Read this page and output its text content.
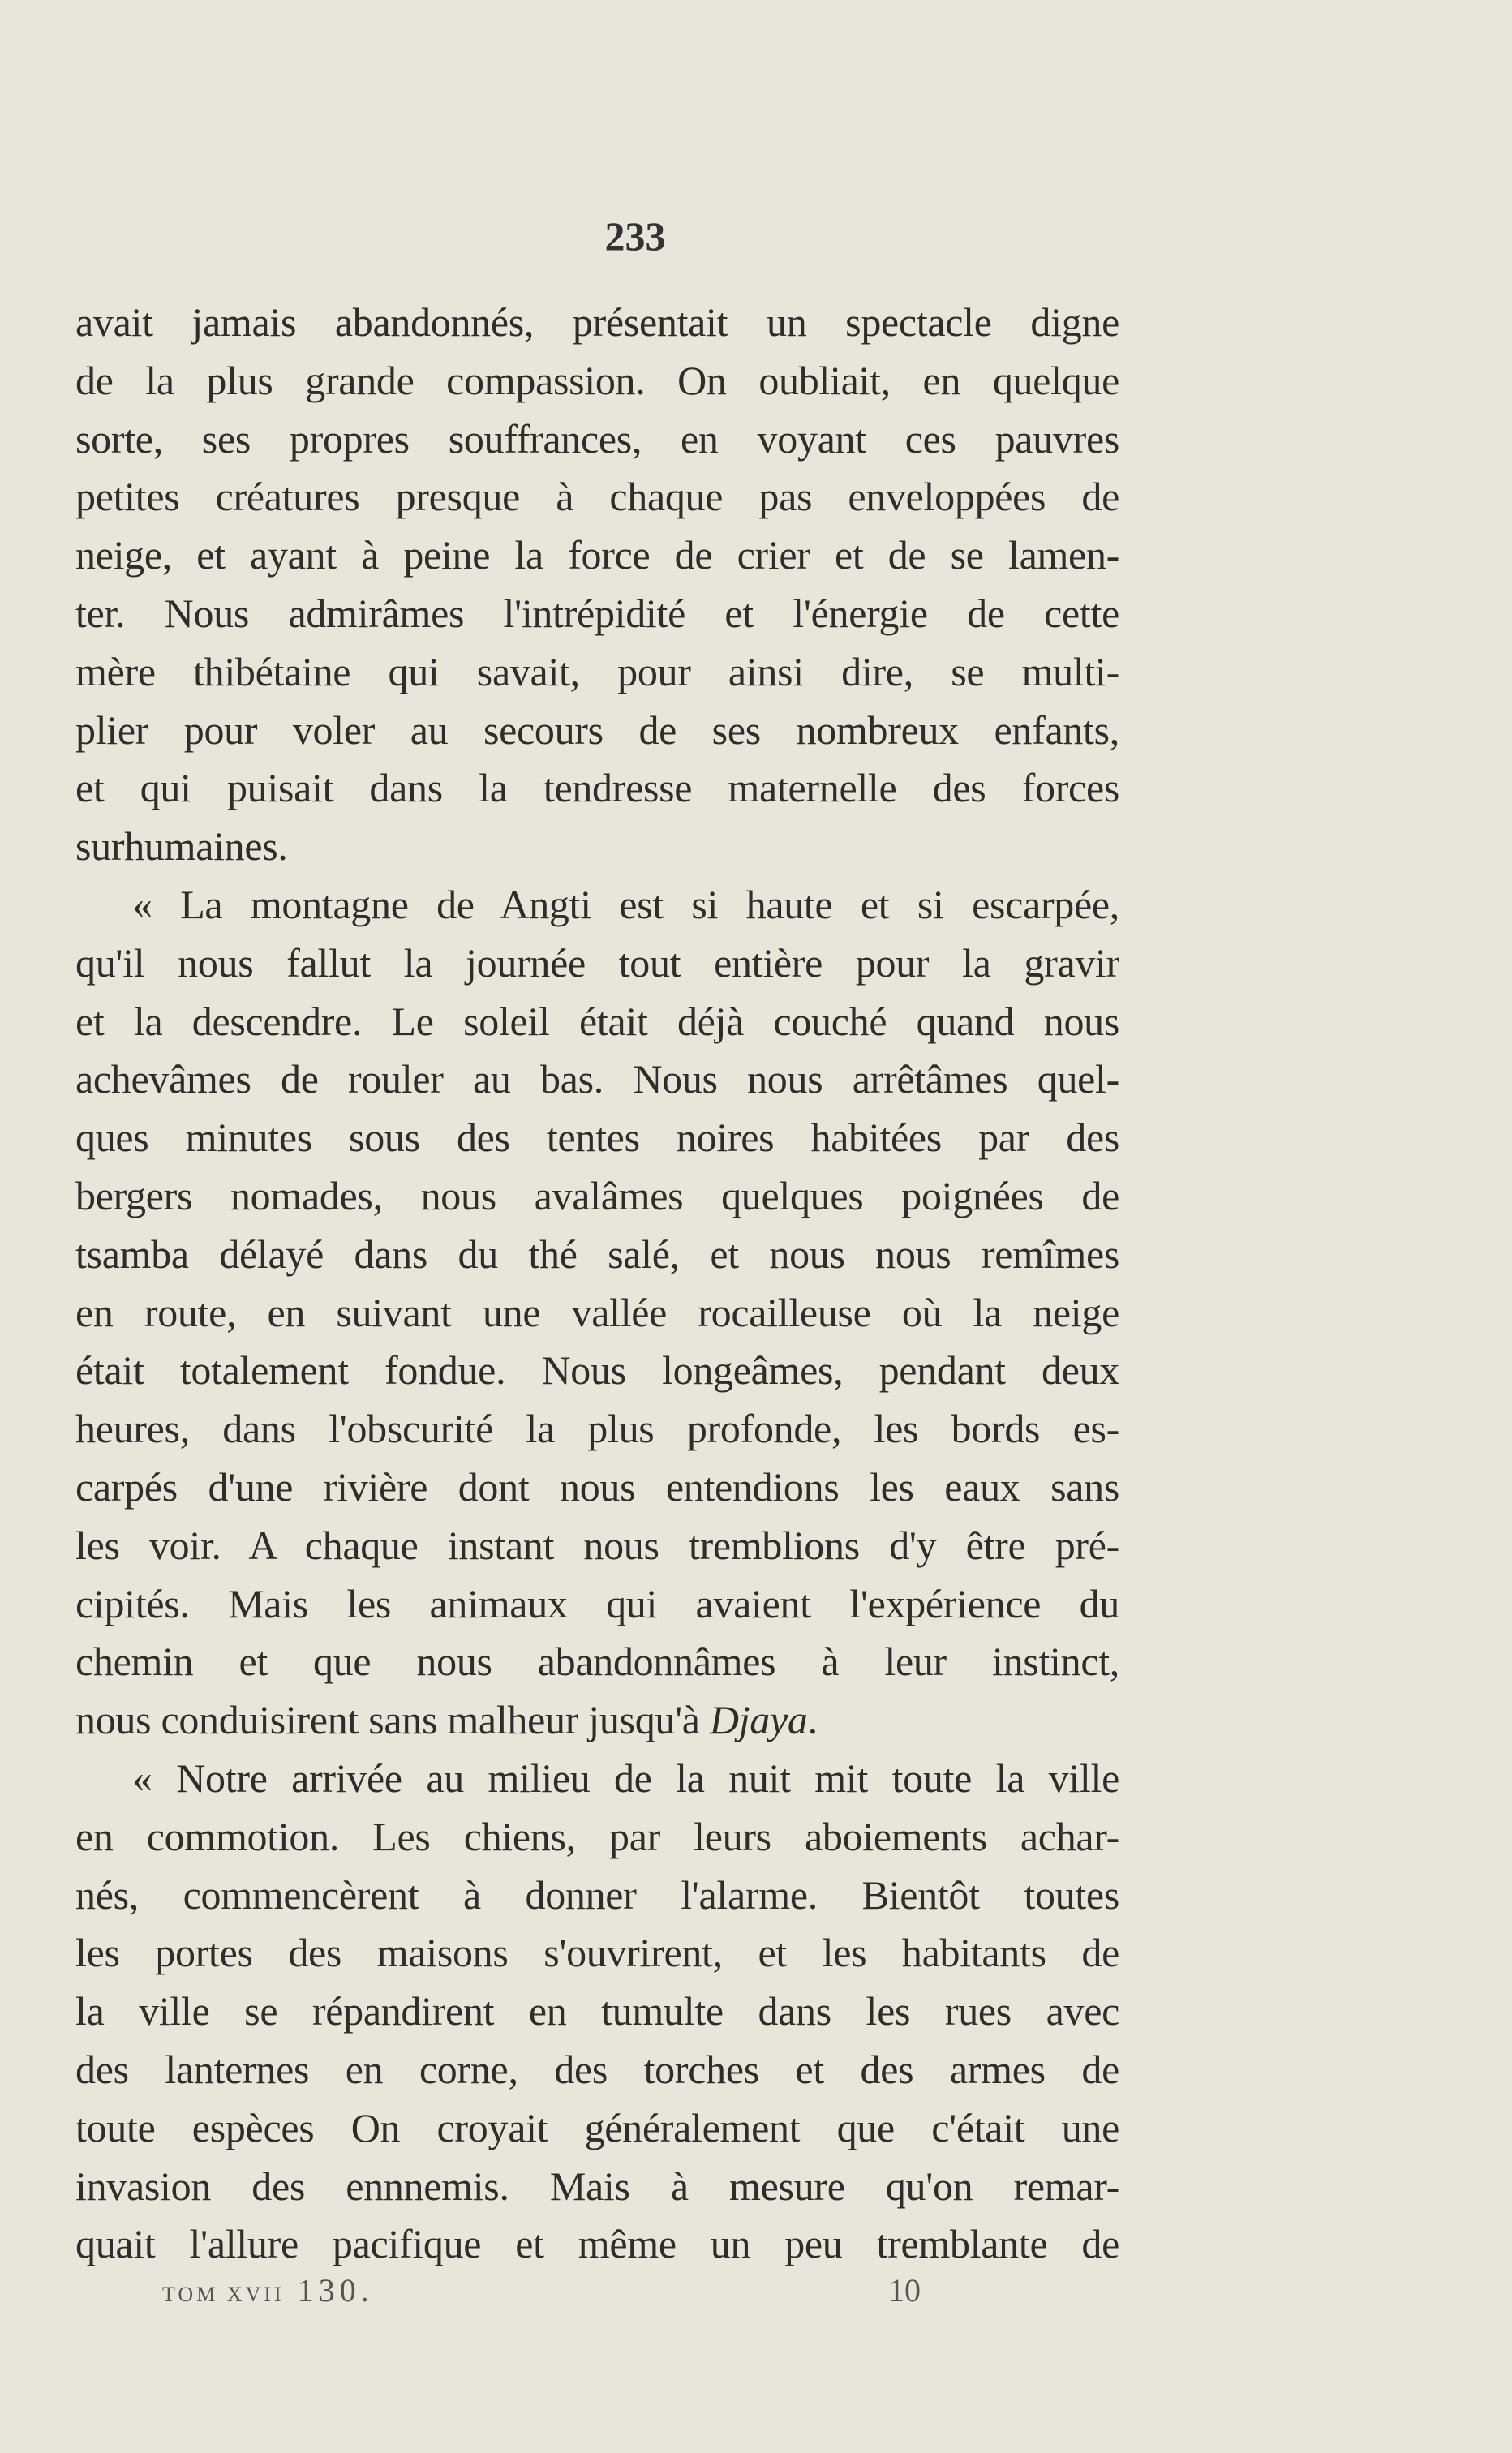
233
avait jamais abandonnés, présentait un spectacle digne
de la plus grande compassion. On oubliait, en quelque
sorte, ses propres souffrances, en voyant ces pauvres
petites créatures presque à chaque pas enveloppées de
neige, et ayant à peine la force de crier et de se lamen-
ter. Nous admirâmes l'intrépidité et l'énergie de cette
mère thibétaine qui savait, pour ainsi dire, se multi-
plier pour voler au secours de ses nombreux enfants,
et qui puisait dans la tendresse maternelle des forces
surhumaines.
« La montagne de Angti est si haute et si escarpée,
qu'il nous fallut la journée tout entière pour la gravir
et la descendre. Le soleil était déjà couché quand nous
achevâmes de rouler au bas. Nous nous arrêtâmes quel-
ques minutes sous des tentes noires habitées par des
bergers nomades, nous avalâmes quelques poignées de
tsamba délayé dans du thé salé, et nous nous remîmes
en route, en suivant une vallée rocailleuse où la neige
était totalement fondue. Nous longeâmes, pendant deux
heures, dans l'obscurité la plus profonde, les bords es-
carpés d'une rivière dont nous entendions les eaux sans
les voir. A chaque instant nous tremblions d'y être pré-
cipités. Mais les animaux qui avaient l'expérience du
chemin et que nous abandonnâmes à leur instinct,
nous conduisirent sans malheur jusqu'à Djaya.
« Notre arrivée au milieu de la nuit mit toute la ville
en commotion. Les chiens, par leurs aboiements achar-
nés, commencèrent à donner l'alarme. Bientôt toutes
les portes des maisons s'ouvrirent, et les habitants de
la ville se répandirent en tumulte dans les rues avec
des lanternes en corne, des torches et des armes de
toute espèces On croyait généralement que c'était une
invasion des ennnemis. Mais à mesure qu'on remar-
quait l'allure pacifique et même un peu tremblante de
TOM XVII 130.	10
